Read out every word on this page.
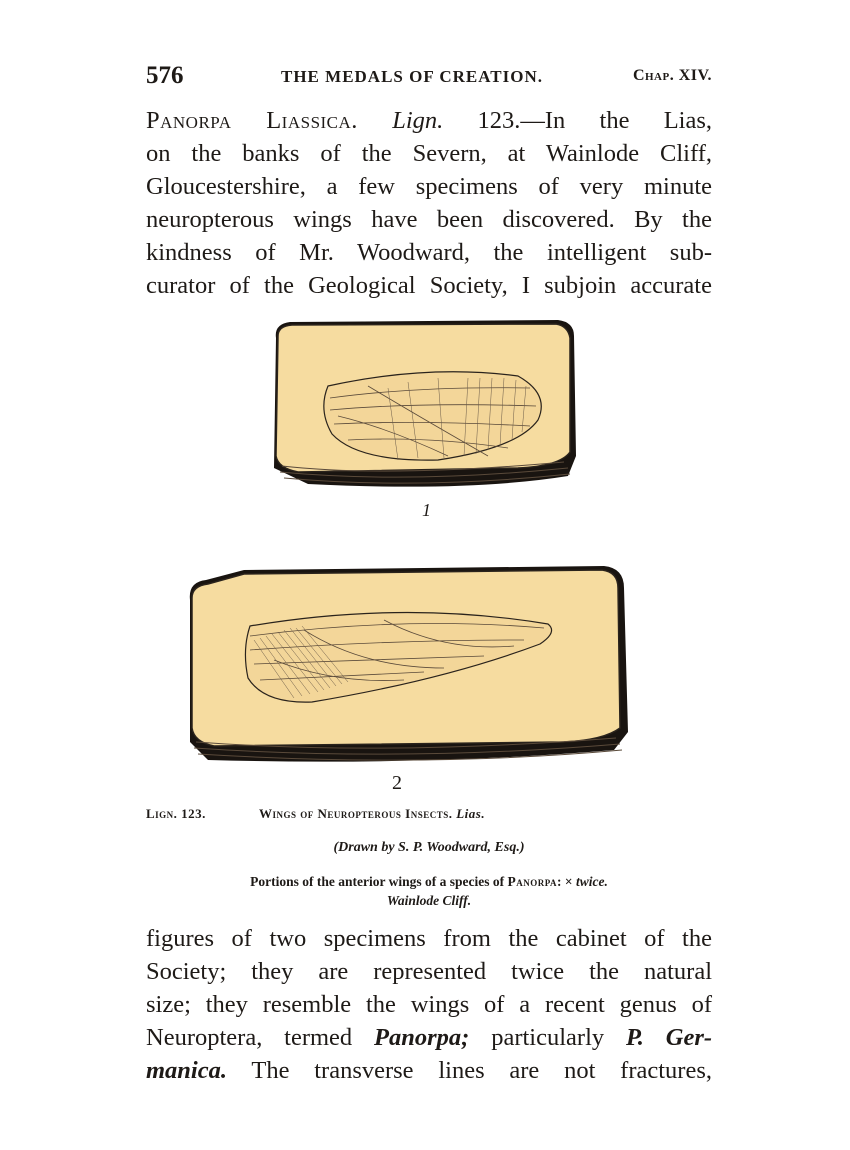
576	THE MEDALS OF CREATION.	Chap. XIV.
Panorpa Liassica. Lign. 123.—In the Lias,
on the banks of the Severn, at Wainlode Cliff,
Gloucestershire, a few specimens of very minute
neuropterous wings have been discovered. By the
kindness of Mr. Woodward, the intelligent sub-
curator of the Geological Society, I subjoin accurate
1
2
Lign. 123.	Wings of Neuropterous Insects. Lias.
(Drawn by S. P. Woodward, Esq.)
Portions of the anterior wings of a species of Panorpa: × twice.
Wainlode Cliff.
figures of two specimens from the cabinet of the
Society; they are represented twice the natural
size; they resemble the wings of a recent genus of
Neuroptera, termed Panorpa; particularly P. Ger-
manica. The transverse lines are not fractures,
